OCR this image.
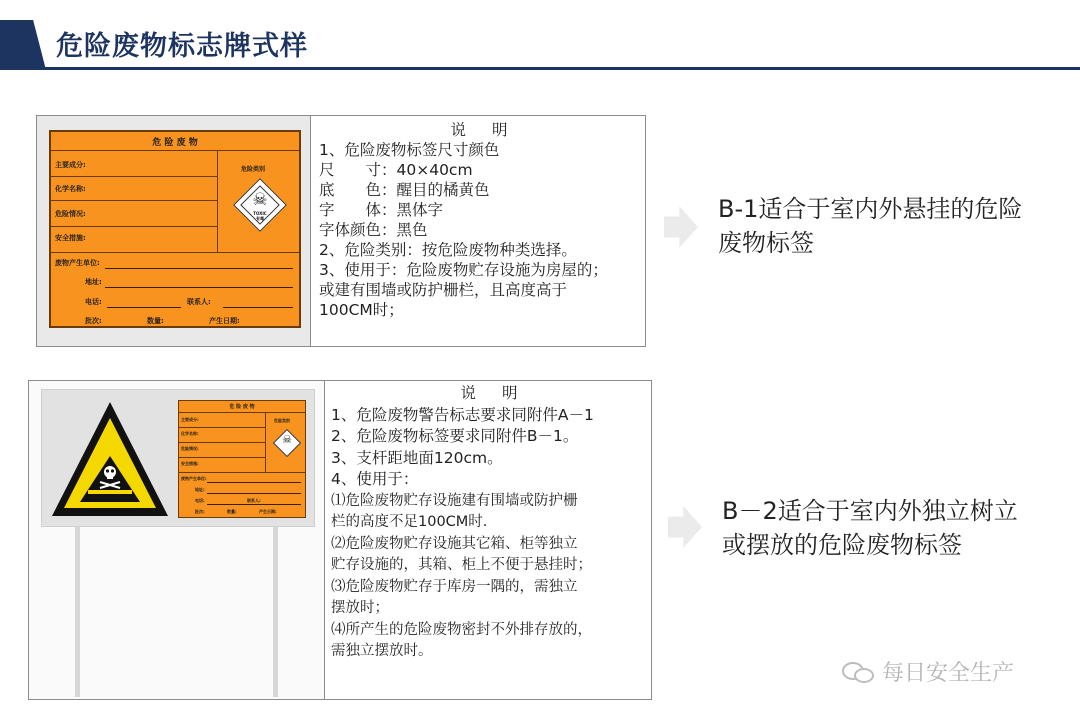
危险废物标志牌式样
危 险 废 物
主要成分:
化学名称:
危险情况:
安全措施:
危险类别
☠
TOXIC
有毒
废物产生单位:
地址:
电话:	联系人:
批次:	数量:	产生日期:
说明
1、危险废物标签尺寸颜色
尺　　寸：40×40cm
底　　色：醒目的橘黄色
字　　体：黑体字
字体颜色：黑色
2、危险类别：按危险废物种类选择。
3、使用于：危险废物贮存设施为房屋的；
或建有围墙或防护栅栏，且高度高于
100CM时；
B-1适合于室内外悬挂的危险
废物标签
危 险 废 物
主要成分:
化学名称:
危险情况:
安全措施:
危险类别
☠
废物产生单位:
地址:
电话:	联系人:
批次:	数量:	产生日期:
说明
1、危险废物警告标志要求同附件A－1
2、危险废物标签要求同附件B－1。
3、支杆距地面120cm。
4、使用于：
⑴危险废物贮存设施建有围墙或防护栅
栏的高度不足100CM时.
⑵危险废物贮存设施其它箱、柜等独立
贮存设施的，其箱、柜上不便于悬挂时；
⑶危险废物贮存于库房一隅的，需独立
摆放时；
⑷所产生的危险废物密封不外排存放的，
需独立摆放时。
B－2适合于室内外独立树立
或摆放的危险废物标签
每日安全生产
